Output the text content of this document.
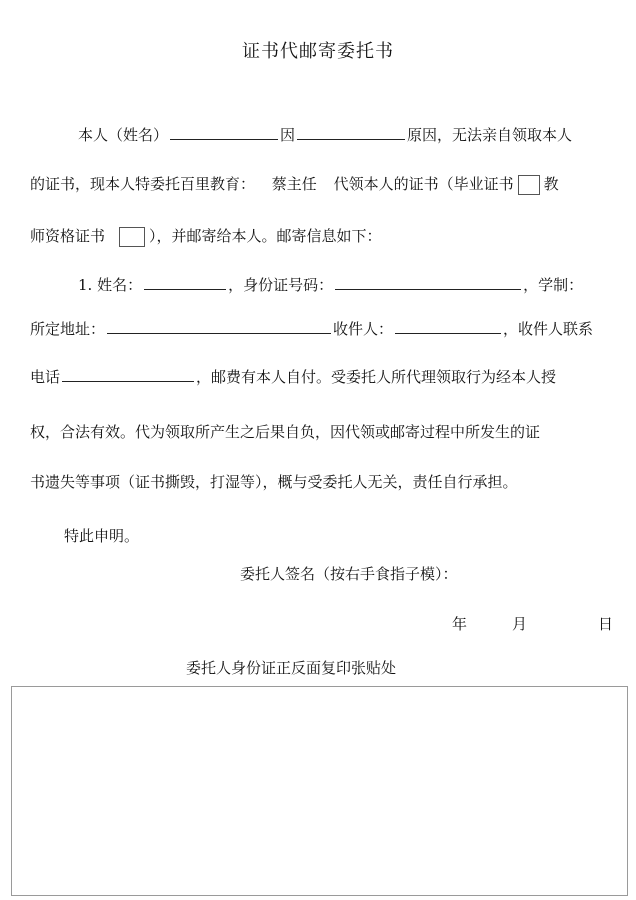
证书代邮寄委托书
本人（姓名）	因	原因，无法亲自领取本人
的证书，现本人特委托百里教育： 蔡主任 代领本人的证书（毕业证书 教
师资格证书	），并邮寄给本人。邮寄信息如下：
1. 姓名：	，身份证号码：	，学制：
所定地址：	收件人：	，收件人联系
电话	，邮费有本人自付。受委托人所代理领取行为经本人授
权，合法有效。代为领取所产生之后果自负，因代领或邮寄过程中所发生的证
书遗失等事项（证书撕毁，打湿等），概与受委托人无关，责任自行承担。
特此申明。
委托人签名（按右手食指子模）：
年	月	日
委托人身份证正反面复印张贴处
